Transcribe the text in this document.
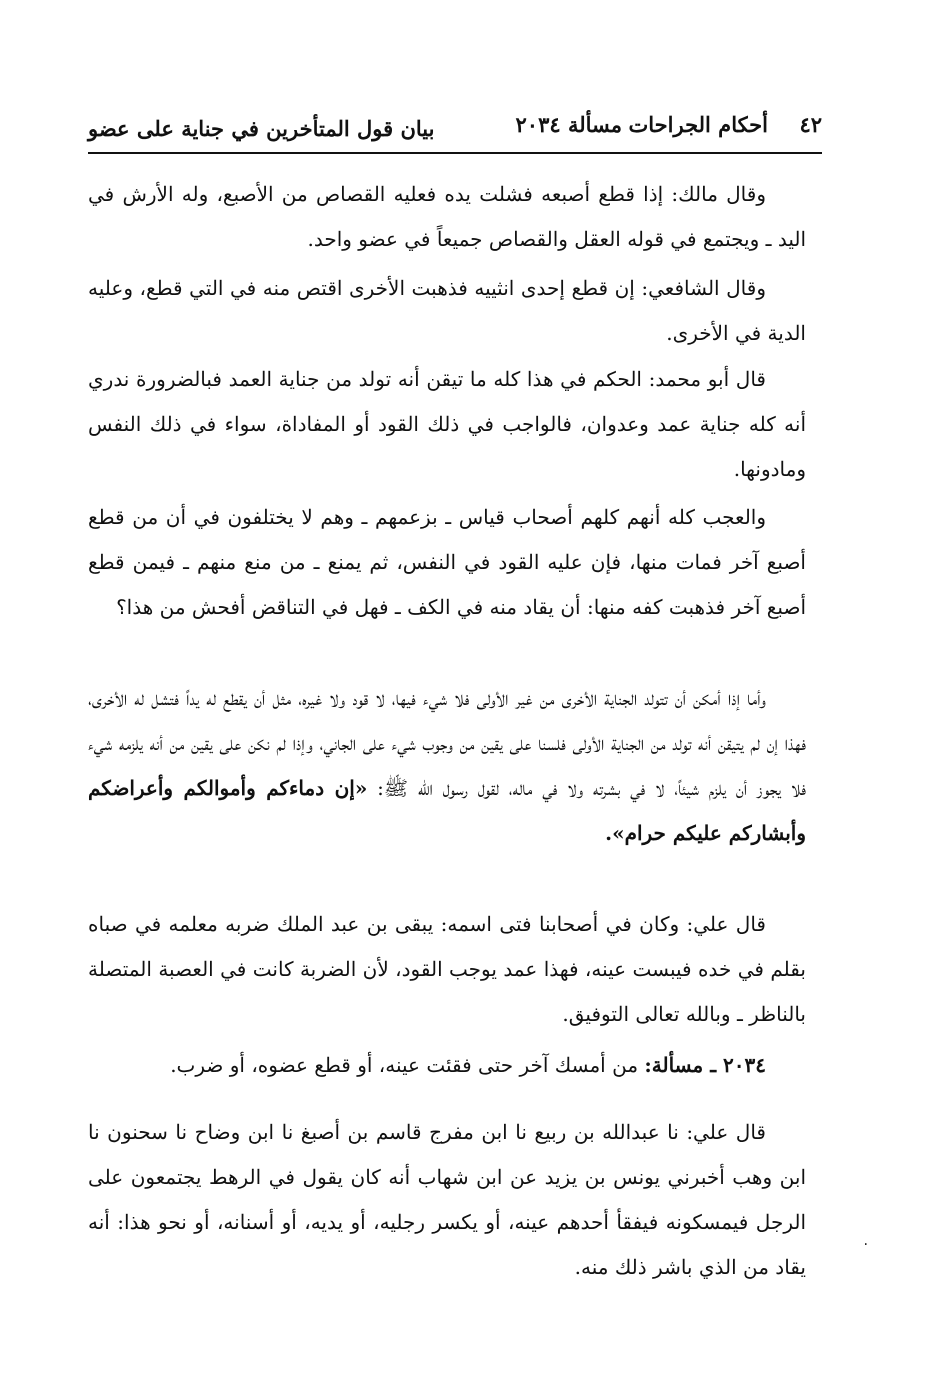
٤٢
أحكام الجراحات
مسألة ٢٠٣٤
بيان قول المتأخرين في جناية على عضو
وقال مالك: إذا قطع أصبعه فشلت يده فعليه القصاص من الأصبع، وله الأرش في اليد ـ ويجتمع في قوله العقل والقصاص جميعاً في عضو واحد.
وقال الشافعي: إن قطع إحدى انثييه فذهبت الأخرى اقتص منه في التي قطع، وعليه الدية في الأخرى.
قال أبو محمد: الحكم في هذا كله ما تيقن أنه تولد من جناية العمد فبالضرورة ندري أنه كله جناية عمد وعدوان، فالواجب في ذلك القود أو المفاداة، سواء في ذلك النفس ومادونها.
والعجب كله أنهم كلهم أصحاب قياس ـ بزعمهم ـ وهم لا يختلفون في أن من قطع أصبع آخر فمات منها، فإن عليه القود في النفس، ثم يمنع ـ من منع منهم ـ فيمن قطع أصبع آخر فذهبت كفه منها: أن يقاد منه في الكف ـ فهل في التناقض أفحش من هذا؟
وأما إذا أمكن أن تتولد الجناية الأخرى من غير الأولى فلا شيء فيها، لا قود ولا غيره، مثل أن يقطع له يداً فتشل له الأخرى، فهذا إن لم يتيقن أنه تولد من الجناية الأولى فلسنا على يقين من وجوب شيء على الجاني، وإذا لم نكن على يقين من أنه يلزمه شيء فلا يجوز أن يلزم شيئاً، لا في بشرته ولا في ماله، لقول رسول الله ﷺ: «إن دماءكم وأموالكم وأعراضكم وأبشاركم عليكم حرام».
قال علي: وكان في أصحابنا فتى اسمه: يبقى بن عبد الملك ضربه معلمه في صباه بقلم في خده فيبست عينه، فهذا عمد يوجب القود، لأن الضربة كانت في العصبة المتصلة بالناظر ـ وبالله تعالى التوفيق.
٢٠٣٤ ـ مسألة: من أمسك آخر حتى فقئت عينه، أو قطع عضوه، أو ضرب.
قال علي: نا عبدالله بن ربيع نا ابن مفرج قاسم بن أصبغ نا ابن وضاح نا سحنون نا ابن وهب أخبرني يونس بن يزيد عن ابن شهاب أنه كان يقول في الرهط يجتمعون على الرجل فيمسكونه فيفقأ أحدهم عينه، أو يكسر رجليه، أو يديه، أو أسنانه، أو نحو هذا: أنه يقاد من الذي باشر ذلك منه.
٠
